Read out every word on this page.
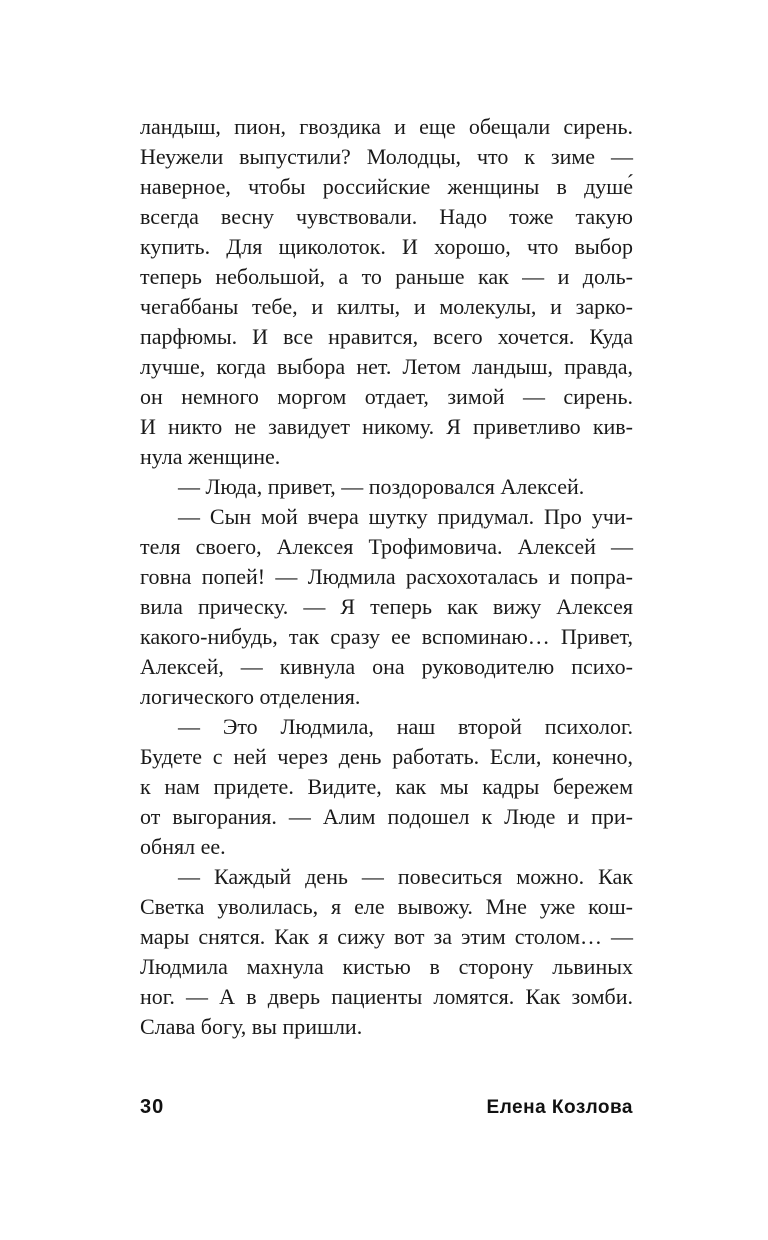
ландыш, пион, гвоздика и еще обещали сирень.
Неужели выпустили? Молодцы, что к зиме —
наверное, чтобы российские женщины в душе́
всегда весну чувствовали. Надо тоже такую
купить. Для щиколоток. И хорошо, что выбор
теперь небольшой, а то раньше как — и доль-
чегаббаны тебе, и килты, и молекулы, и зарко-
парфюмы. И все нравится, всего хочется. Куда
лучше, когда выбора нет. Летом ландыш, правда,
он немного моргом отдает, зимой — сирень.
И никто не завидует никому. Я приветливо кив-
нула женщине.
— Люда, привет, — поздоровался Алексей.
— Сын мой вчера шутку придумал. Про учи-
теля своего, Алексея Трофимовича. Алексей —
говна попей! — Людмила расхохоталась и попра-
вила прическу. — Я теперь как вижу Алексея
какого-нибудь, так сразу ее вспоминаю… Привет,
Алексей, — кивнула она руководителю психо-
логического отделения.
— Это Людмила, наш второй психолог.
Будете с ней через день работать. Если, конечно,
к нам придете. Видите, как мы кадры бережем
от выгорания. — Алим подошел к Люде и при-
обнял ее.
— Каждый день — повеситься можно. Как
Светка уволилась, я еле вывожу. Мне уже кош-
мары снятся. Как я сижу вот за этим столом… —
Людмила махнула кистью в сторону львиных
ног. — А в дверь пациенты ломятся. Как зомби.
Слава богу, вы пришли.
30	Елена Козлова
